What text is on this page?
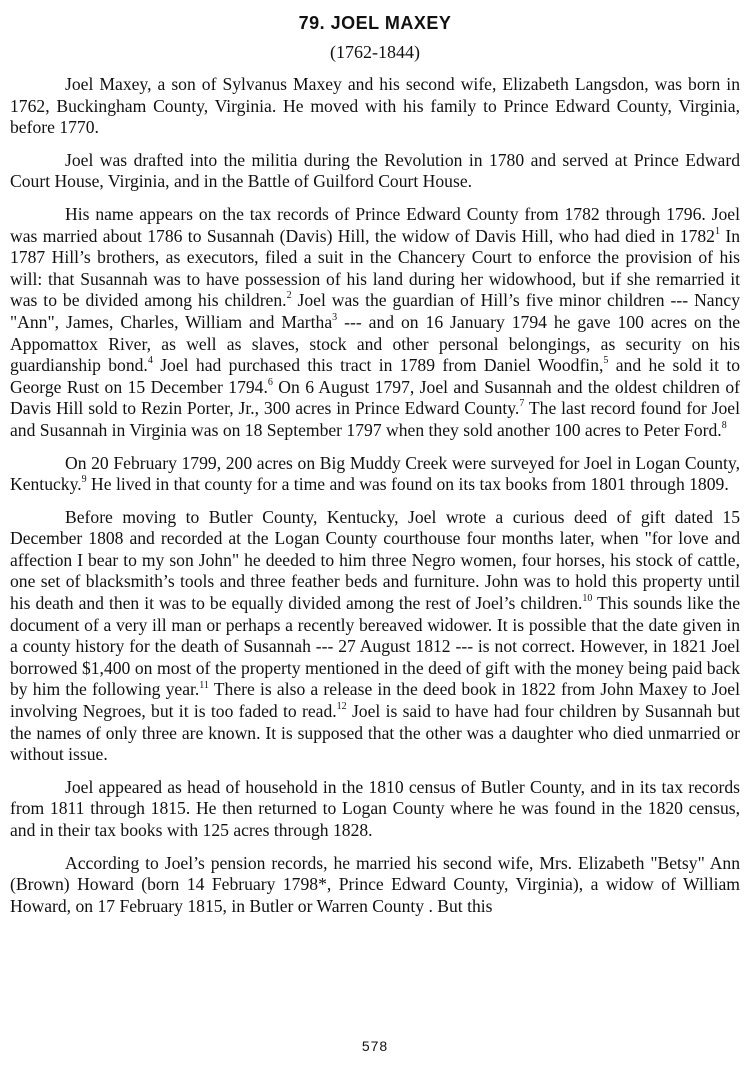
79. JOEL MAXEY
(1762-1844)

Joel Maxey, a son of Sylvanus Maxey and his second wife, Elizabeth Langsdon, was born in 1762, Buckingham County, Virginia. He moved with his family to Prince Edward County, Virginia, before 1770.

Joel was drafted into the militia during the Revolution in 1780 and served at Prince Edward Court House, Virginia, and in the Battle of Guilford Court House.

His name appears on the tax records of Prince Edward County from 1782 through 1796. Joel was married about 1786 to Susannah (Davis) Hill, the widow of Davis Hill, who had died in 1782$^1$ In 1787 Hill’s brothers, as executors, filed a suit in the Chancery Court to enforce the provision of his will: that Susannah was to have possession of his land during her widowhood, but if she remarried it was to be divided among his children.$^2$ Joel was the guardian of Hill’s five minor children --- Nancy "Ann", James, Charles, William and Martha$^3$ --- and on 16 January 1794 he gave 100 acres on the Appomattox River, as well as slaves, stock and other personal belongings, as security on his guardianship bond.$^4$ Joel had purchased this tract in 1789 from Daniel Woodfin,$^5$ and he sold it to George Rust on 15 December 1794.$^6$ On 6 August 1797, Joel and Susannah and the oldest children of Davis Hill sold to Rezin Porter, Jr., 300 acres in Prince Edward County.$^7$ The last record found for Joel and Susannah in Virginia was on 18 September 1797 when they sold another 100 acres to Peter Ford.$^8$

On 20 February 1799, 200 acres on Big Muddy Creek were surveyed for Joel in Logan County, Kentucky.$^9$ He lived in that county for a time and was found on its tax books from 1801 through 1809.

Before moving to Butler County, Kentucky, Joel wrote a curious deed of gift dated 15 December 1808 and recorded at the Logan County courthouse four months later, when "for love and affection I bear to my son John" he deeded to him three Negro women, four horses, his stock of cattle, one set of blacksmith’s tools and three feather beds and furniture. John was to hold this property until his death and then it was to be equally divided among the rest of Joel’s children.$^{10}$ This sounds like the document of a very ill man or perhaps a recently bereaved widower. It is possible that the date given in a county history for the death of Susannah --- 27 August 1812 --- is not correct. However, in 1821 Joel borrowed $1,400 on most of the property mentioned in the deed of gift with the money being paid back by him the following year.$^{11}$ There is also a release in the deed book in 1822 from John Maxey to Joel involving Negroes, but it is too faded to read.$^{12}$ Joel is said to have had four children by Susannah but the names of only three are known. It is supposed that the other was a daughter who died unmarried or without issue.

Joel appeared as head of household in the 1810 census of Butler County, and in its tax records from 1811 through 1815. He then returned to Logan County where he was found in the 1820 census, and in their tax books with 125 acres through 1828.

According to Joel’s pension records, he married his second wife, Mrs. Elizabeth "Betsy" Ann (Brown) Howard (born 14 February 1798*, Prince Edward County, Virginia), a widow of William Howard, on 17 February 1815, in Butler or Warren County . But this

578
